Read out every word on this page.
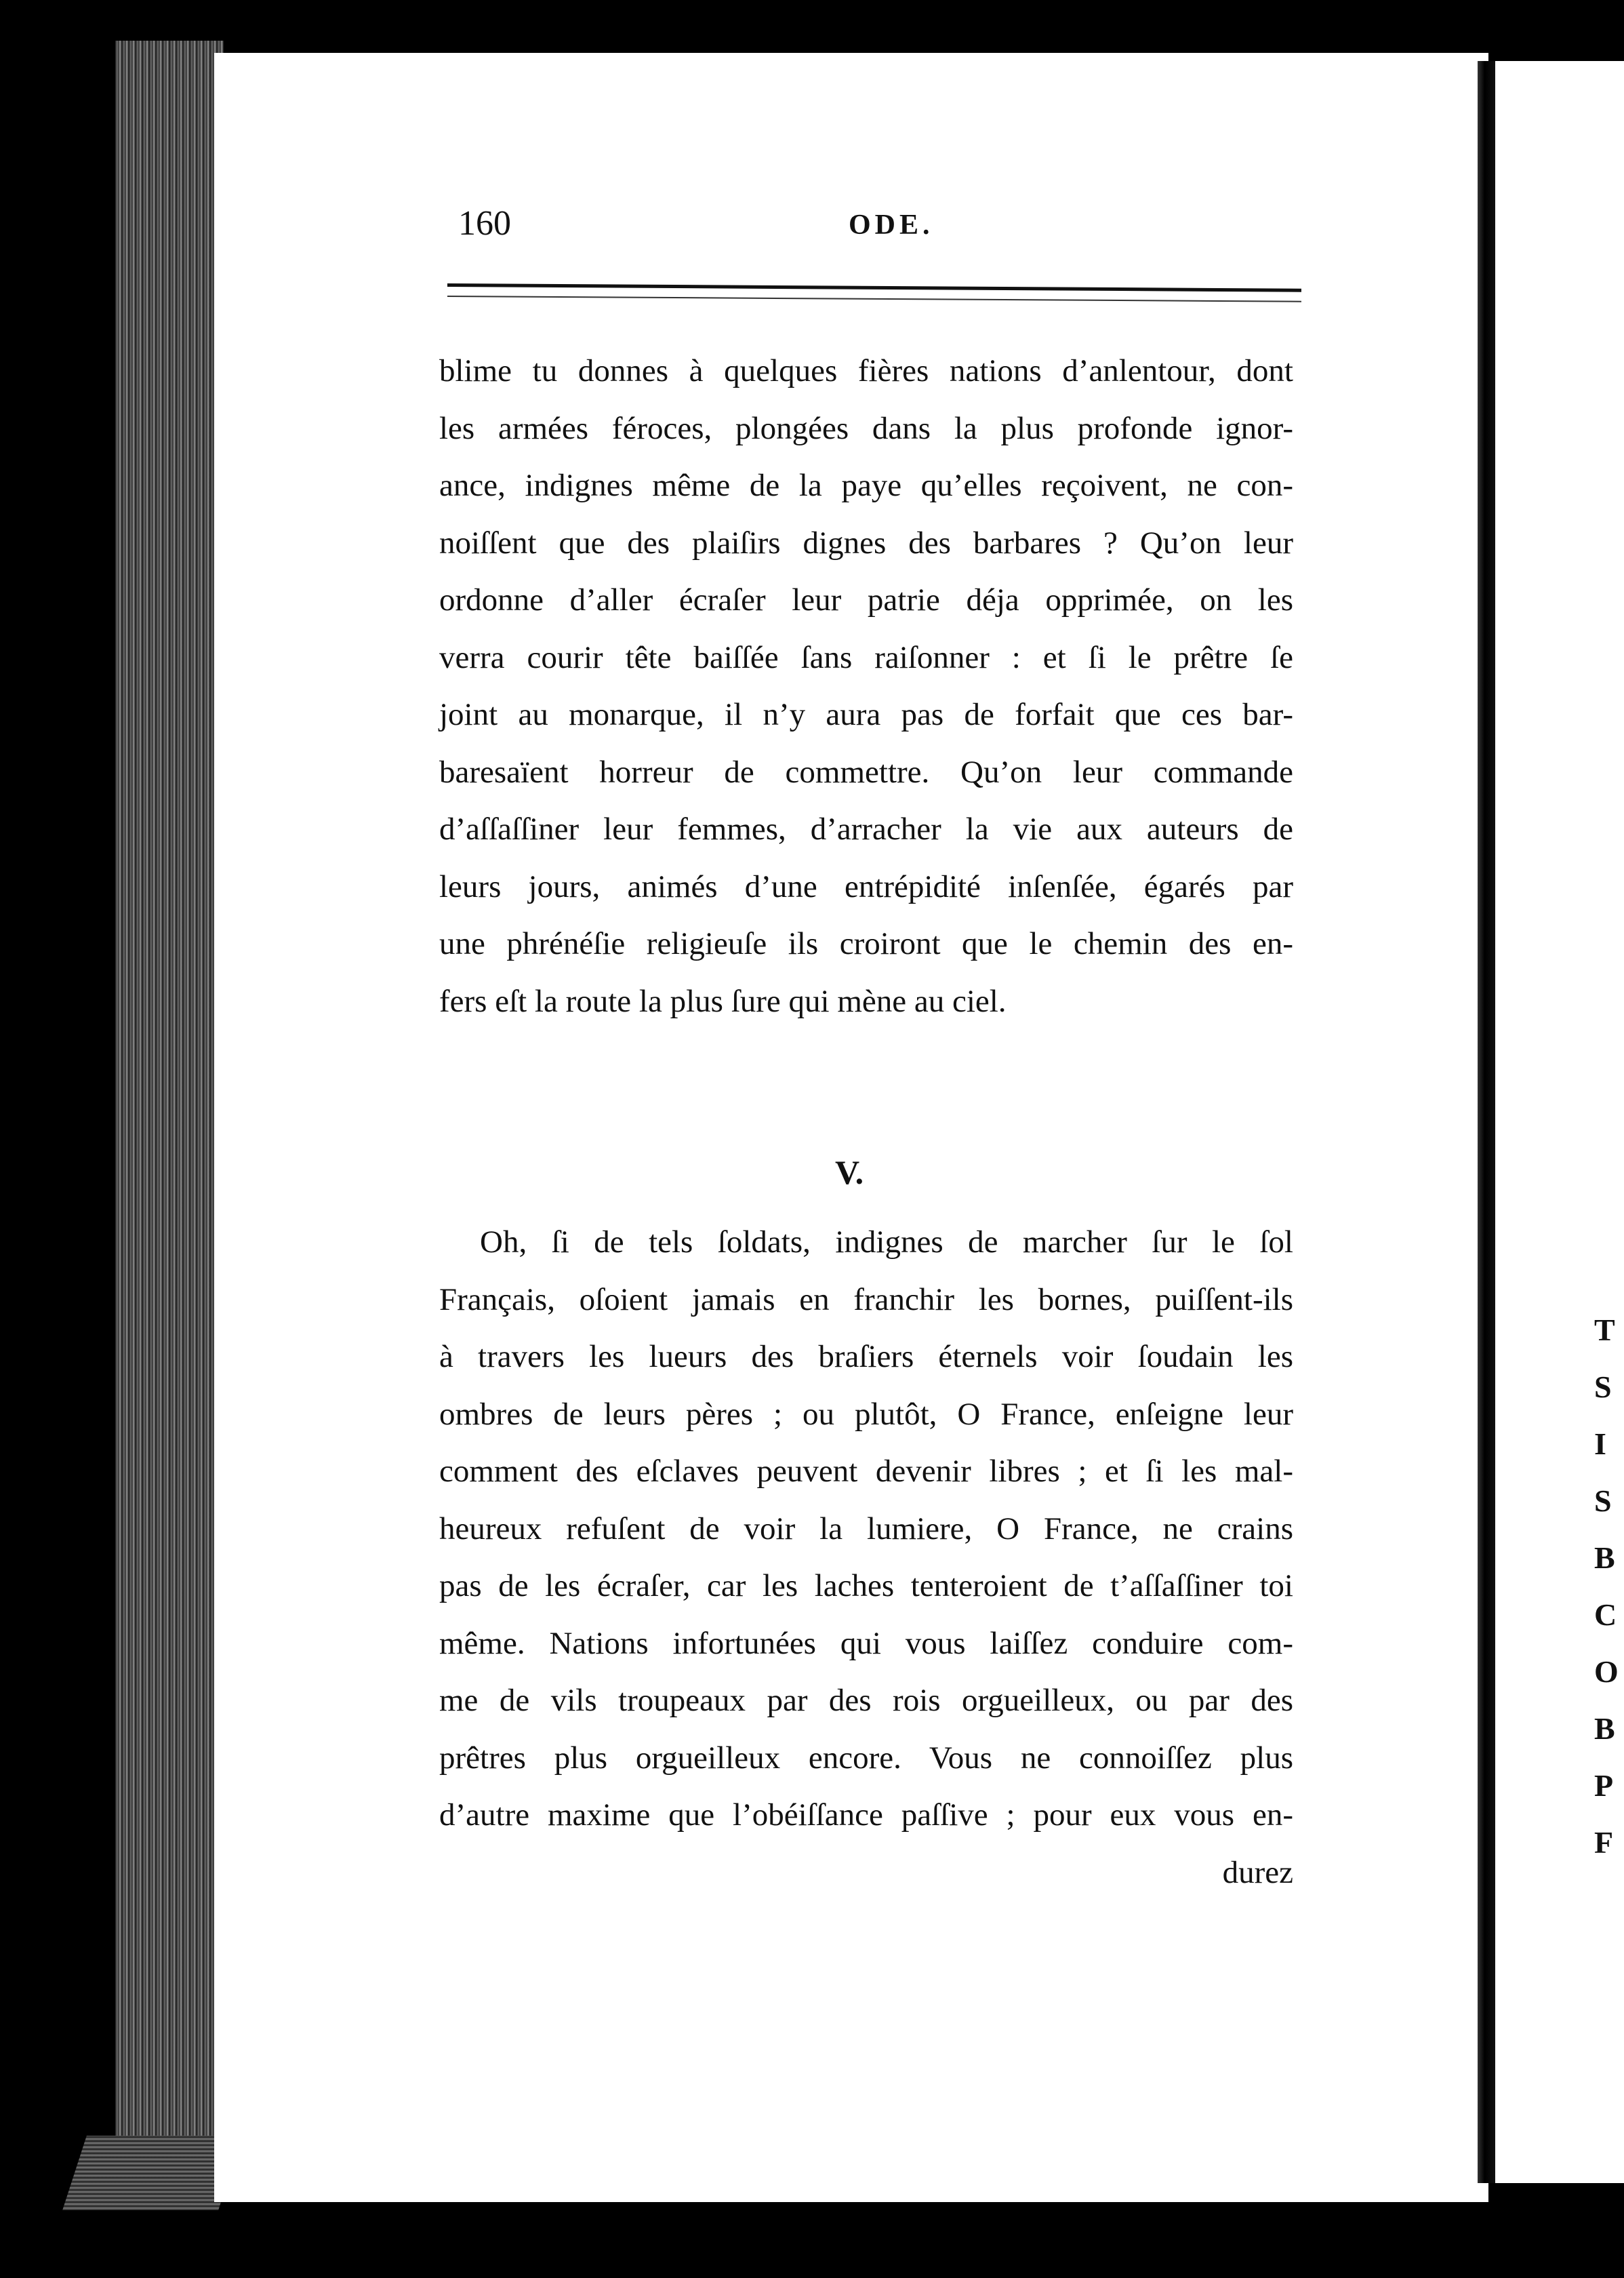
160	ODE.
blime tu donnes à quelques fières nations d’anlentour, dont
les armées féroces, plongées dans la plus profonde ignor-
ance, indignes même de la paye qu’elles reçoivent, ne con-
noiſſent que des plaiſirs dignes des barbares ? Qu’on leur
ordonne d’aller écraſer leur patrie déja opprimée, on les
verra courir tête baiſſée ſans raiſonner : et ſi le prêtre ſe
joint au monarque, il n’y aura pas de forfait que ces bar-
baresaïent horreur de commettre. Qu’on leur commande
d’aſſaſſiner leur femmes, d’arracher la vie aux auteurs de
leurs jours, animés d’une entrépidité inſenſée, égarés par
une phrénéſie religieuſe ils croiront que le chemin des en-
fers eſt la route la plus ſure qui mène au ciel.
V.
Oh, ſi de tels ſoldats, indignes de marcher ſur le ſol
Français, oſoient jamais en franchir les bornes, puiſſent-ils
à travers les lueurs des braſiers éternels voir ſoudain les
ombres de leurs pères ; ou plutôt, O France, enſeigne leur
comment des eſclaves peuvent devenir libres ; et ſi les mal-
heureux refuſent de voir la lumiere, O France, ne crains
pas de les écraſer, car les laches tenteroient de t’aſſaſſiner toi
même. Nations infortunées qui vous laiſſez conduire com-
me de vils troupeaux par des rois orgueilleux, ou par des
prêtres plus orgueilleux encore. Vous ne connoiſſez plus
d’autre maxime que l’obéiſſance paſſive ; pour eux vous en-
durez
T
S
I
S
B
C
O
B
P
F
